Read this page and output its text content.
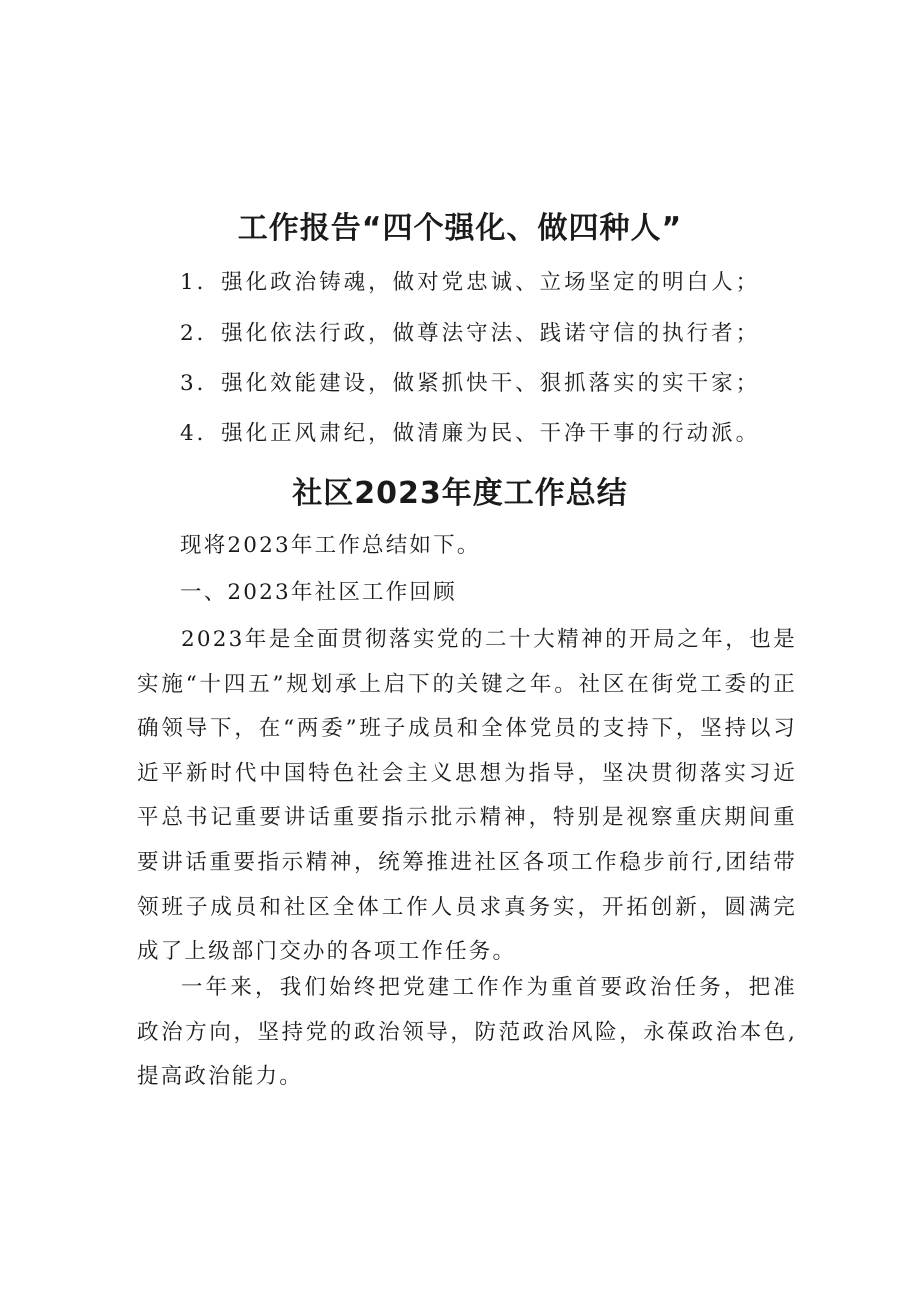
工作报告“四个强化、做四种人”
1．强化政治铸魂，做对党忠诚、立场坚定的明白人；
2．强化依法行政，做尊法守法、践诺守信的执行者；
3．强化效能建设，做紧抓快干、狠抓落实的实干家；
4．强化正风肃纪，做清廉为民、干净干事的行动派。
社区2023年度工作总结
现将2023年工作总结如下。
一、2023年社区工作回顾
2023年是全面贯彻落实党的二十大精神的开局之年，也是实施“十四五”规划承上启下的关键之年。社区在街党工委的正确领导下，在“两委”班子成员和全体党员的支持下，坚持以习近平新时代中国特色社会主义思想为指导，坚决贯彻落实习近平总书记重要讲话重要指示批示精神，特别是视察重庆期间重要讲话重要指示精神，统筹推进社区各项工作稳步前行,团结带领班子成员和社区全体工作人员求真务实，开拓创新，圆满完成了上级部门交办的各项工作任务。
一年来，我们始终把党建工作作为重首要政治任务，把准政治方向，坚持党的政治领导，防范政治风险，永葆政治本色,提高政治能力。
